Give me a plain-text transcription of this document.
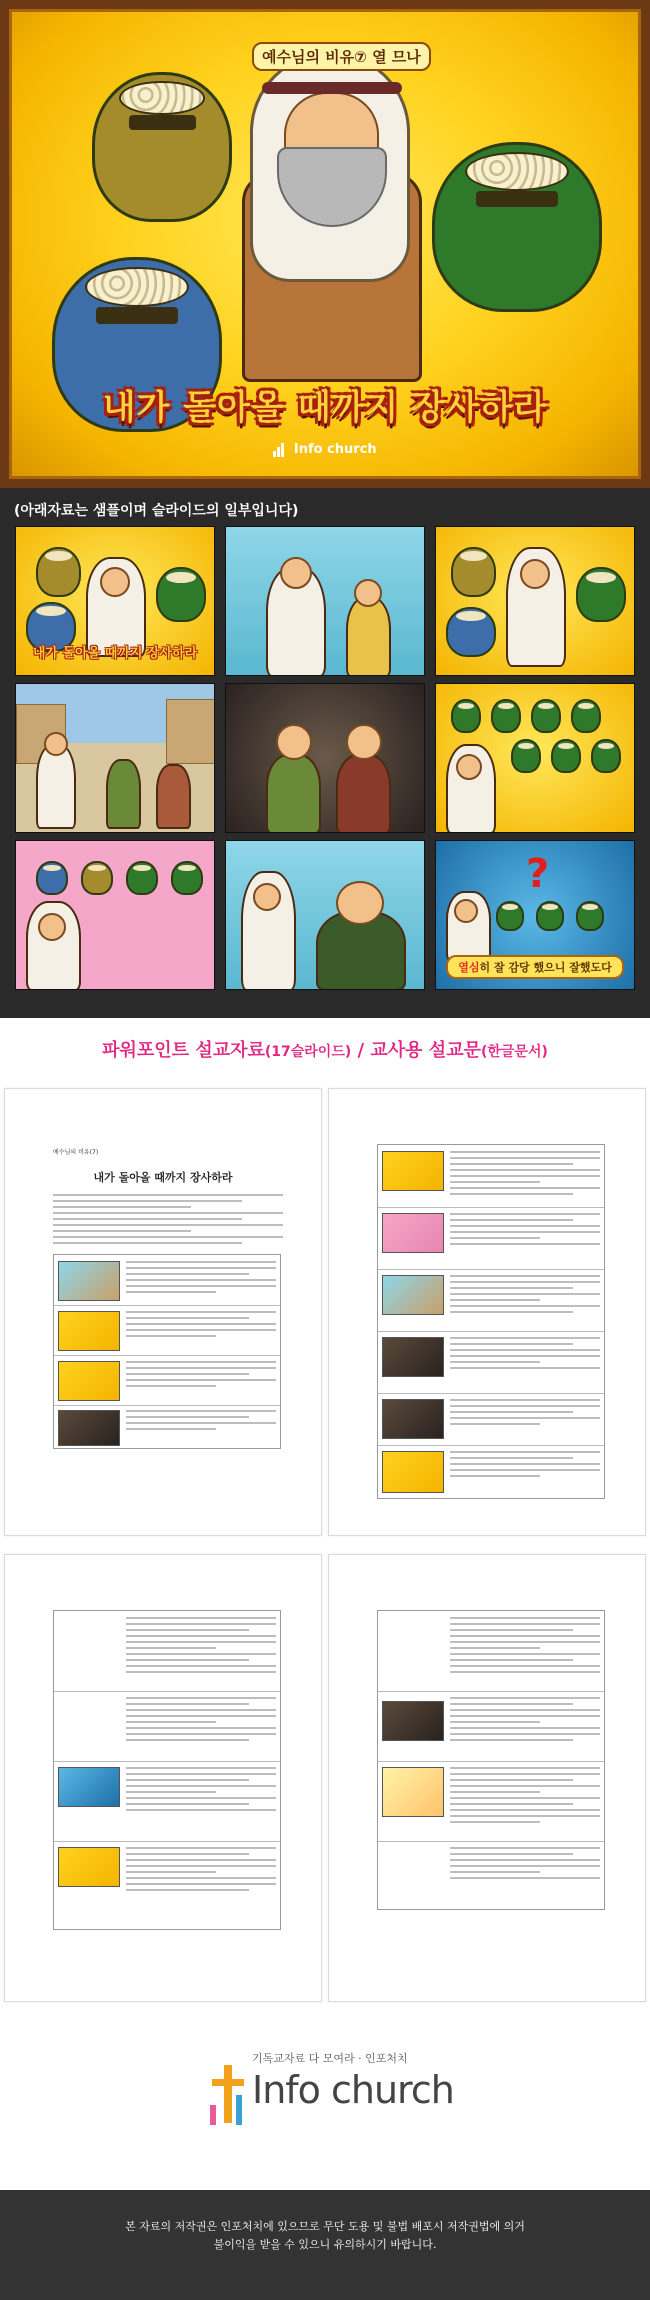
예수님의 비유⑦ 열 므나
내가 돌아올 때까지 장사하라
Info church
(아래자료는 샘플이며 슬라이드의 일부입니다)
내가 돌아올 때까지 장사하라
?
열심히 잘 감당 했으니 잘했도다
파워포인트 설교자료(17슬라이드) / 교사용 설교문(한글문서)
예수님의 비유(7)
내가 돌아올 때까지 장사하라
기독교자료 다 모여라 · 인포처치
Info church
본 자료의 저작권은 인포처치에 있으므로 무단 도용 및 불법 배포시 저작권법에 의거
불이익을 받을 수 있으니 유의하시기 바랍니다.
